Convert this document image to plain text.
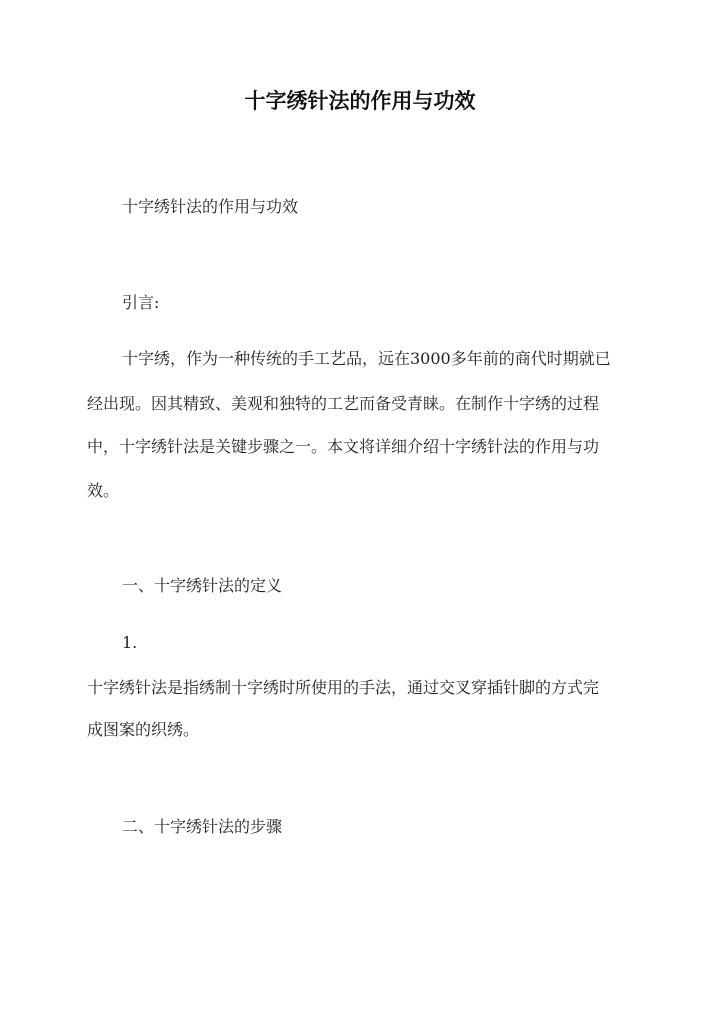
十字绣针法的作用与功效
十字绣针法的作用与功效
引言:
十字绣，作为一种传统的手工艺品，远在3000多年前的商代时期就已
经出现。因其精致、美观和独特的工艺而备受青睐。在制作十字绣的过程
中，十字绣针法是关键步骤之一。本文将详细介绍十字绣针法的作用与功
效。
一、十字绣针法的定义
1.
十字绣针法是指绣制十字绣时所使用的手法，通过交叉穿插针脚的方式完
成图案的织绣。
二、十字绣针法的步骤
